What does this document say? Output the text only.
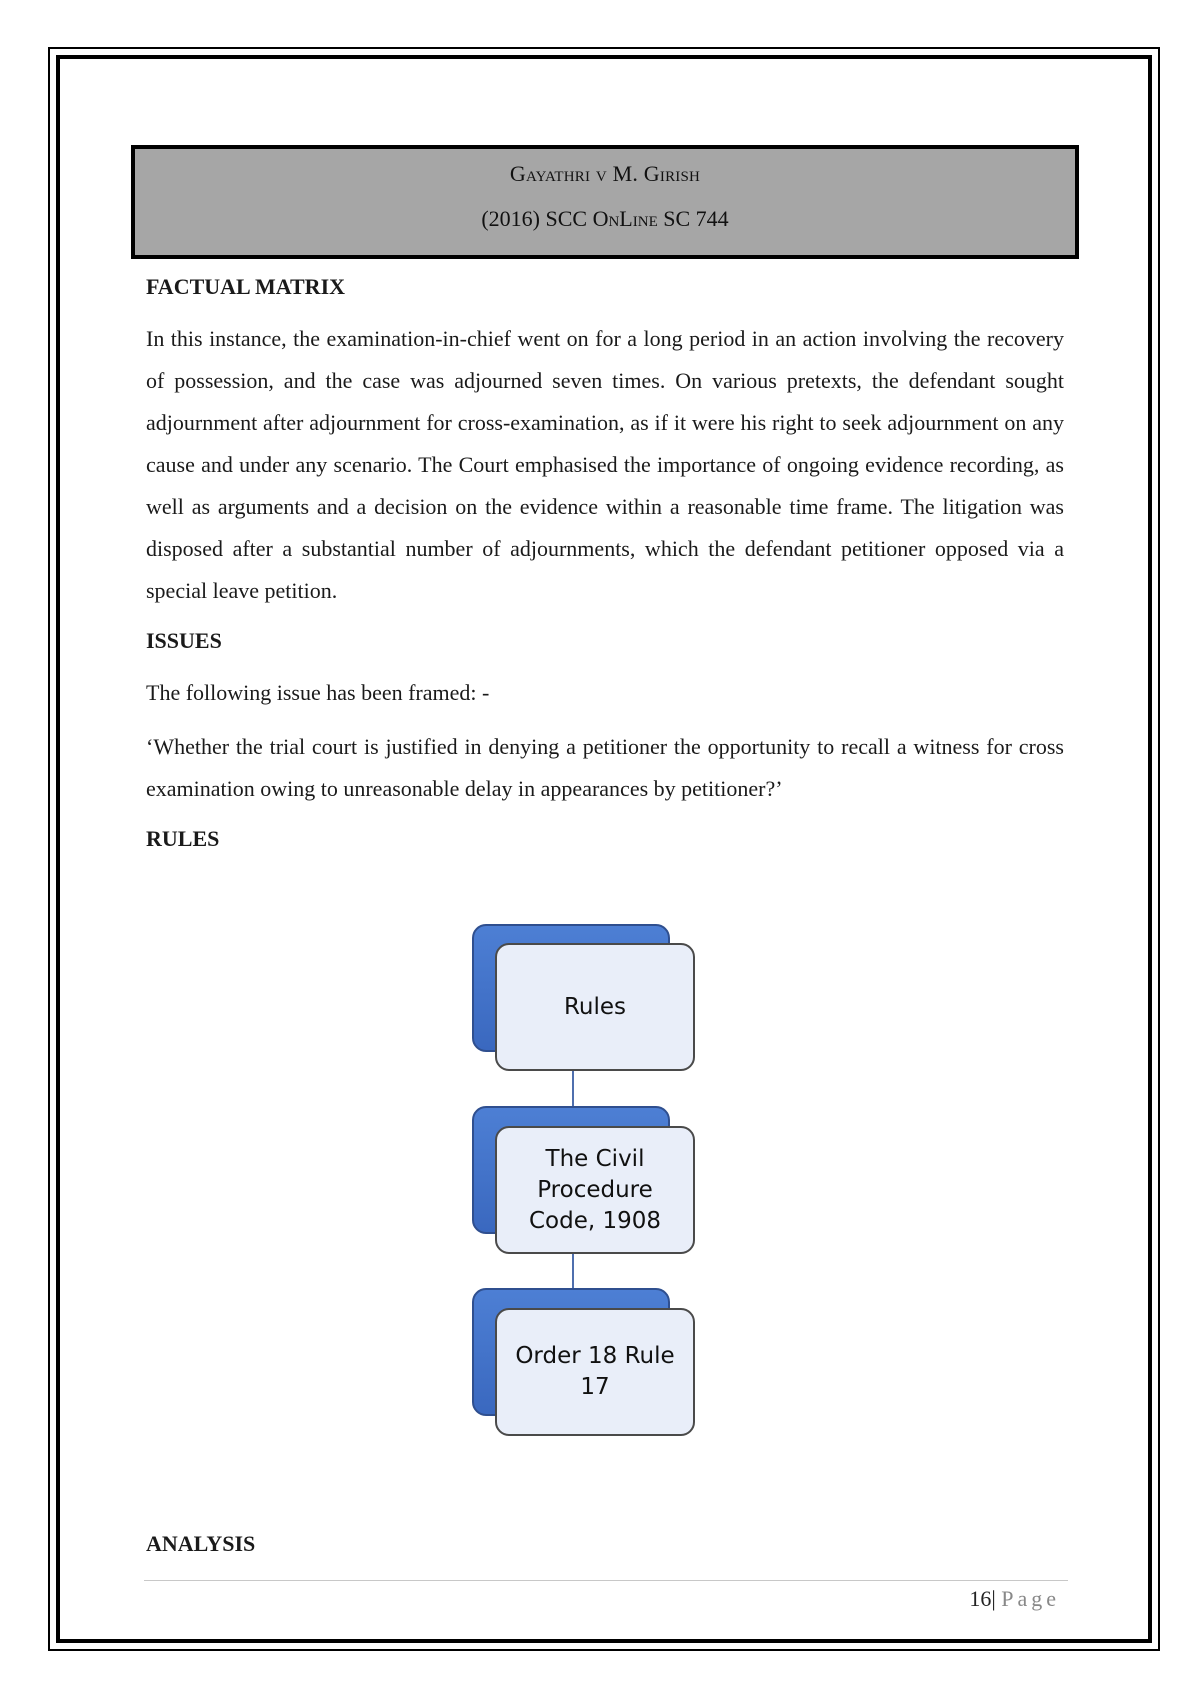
Gayathri v M. Girish
(2016) SCC OnLine SC 744
FACTUAL MATRIX

In this instance, the examination-in-chief went on for a long period in an action involving the recovery of possession, and the case was adjourned seven times. On various pretexts, the defendant sought adjournment after adjournment for cross-examination, as if it were his right to seek adjournment on any cause and under any scenario. The Court emphasised the importance of ongoing evidence recording, as well as arguments and a decision on the evidence within a reasonable time frame. The litigation was disposed after a substantial number of adjournments, which the defendant petitioner opposed via a special leave petition.

ISSUES

The following issue has been framed: -

‘Whether the trial court is justified in denying a petitioner the opportunity to recall a witness for cross examination owing to unreasonable delay in appearances by petitioner?’

RULES
Rules
The Civil Procedure Code, 1908
Order 18 Rule 17
ANALYSIS
16| Page
